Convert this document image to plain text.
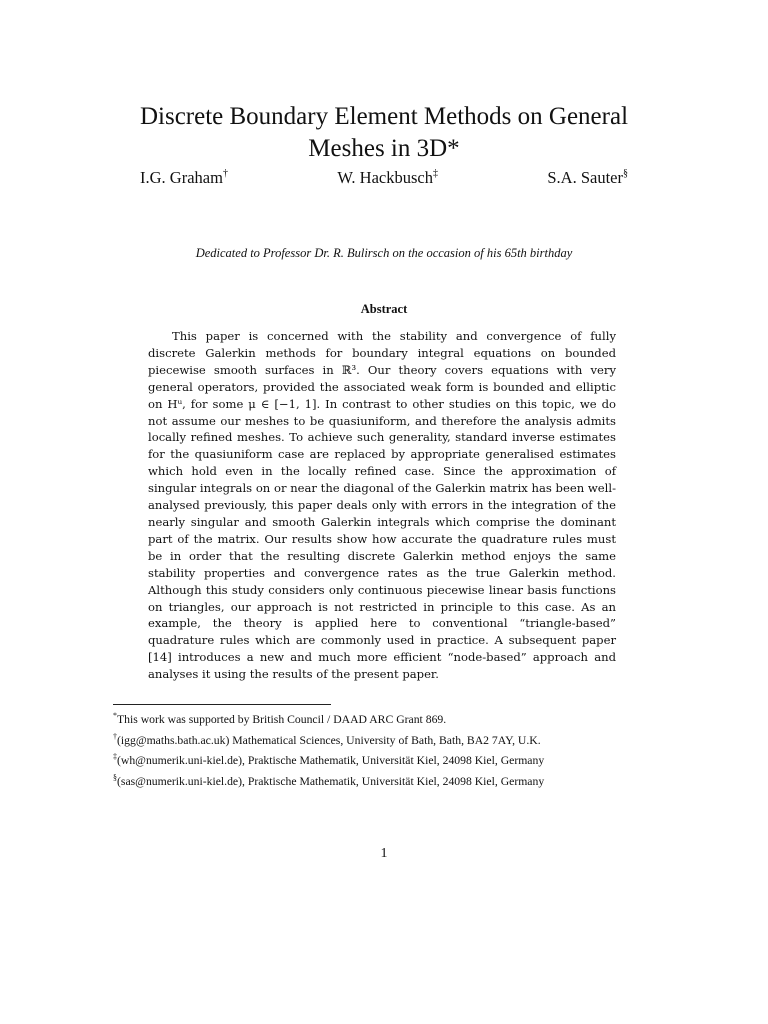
Discrete Boundary Element Methods on General Meshes in 3D*
I.G. Graham†	W. Hackbusch‡	S.A. Sauter§
Dedicated to Professor Dr. R. Bulirsch on the occasion of his 65th birthday
Abstract

This paper is concerned with the stability and convergence of fully discrete Galerkin methods for boundary integral equations on bounded piecewise smooth surfaces in ℝ³. Our theory covers equations with very general operators, provided the associated weak form is bounded and elliptic on Hᵘ, for some μ ∈ [−1, 1]. In contrast to other studies on this topic, we do not assume our meshes to be quasiuniform, and therefore the analysis admits locally refined meshes. To achieve such generality, standard inverse estimates for the quasiuniform case are replaced by appropriate generalised estimates which hold even in the locally refined case. Since the approximation of singular integrals on or near the diagonal of the Galerkin matrix has been well-analysed previously, this paper deals only with errors in the integration of the nearly singular and smooth Galerkin integrals which comprise the dominant part of the matrix. Our results show how accurate the quadrature rules must be in order that the resulting discrete Galerkin method enjoys the same stability properties and convergence rates as the true Galerkin method. Although this study considers only continuous piecewise linear basis functions on triangles, our approach is not restricted in principle to this case. As an example, the theory is applied here to conventional “triangle-based” quadrature rules which are commonly used in practice. A subsequent paper [14] introduces a new and much more efficient “node-based” approach and analyses it using the results of the present paper.

*This work was supported by British Council / DAAD ARC Grant 869.
†(igg@maths.bath.ac.uk) Mathematical Sciences, University of Bath, Bath, BA2 7AY, U.K.
‡(wh@numerik.uni-kiel.de), Praktische Mathematik, Universität Kiel, 24098 Kiel, Germany
§(sas@numerik.uni-kiel.de), Praktische Mathematik, Universität Kiel, 24098 Kiel, Germany
1
